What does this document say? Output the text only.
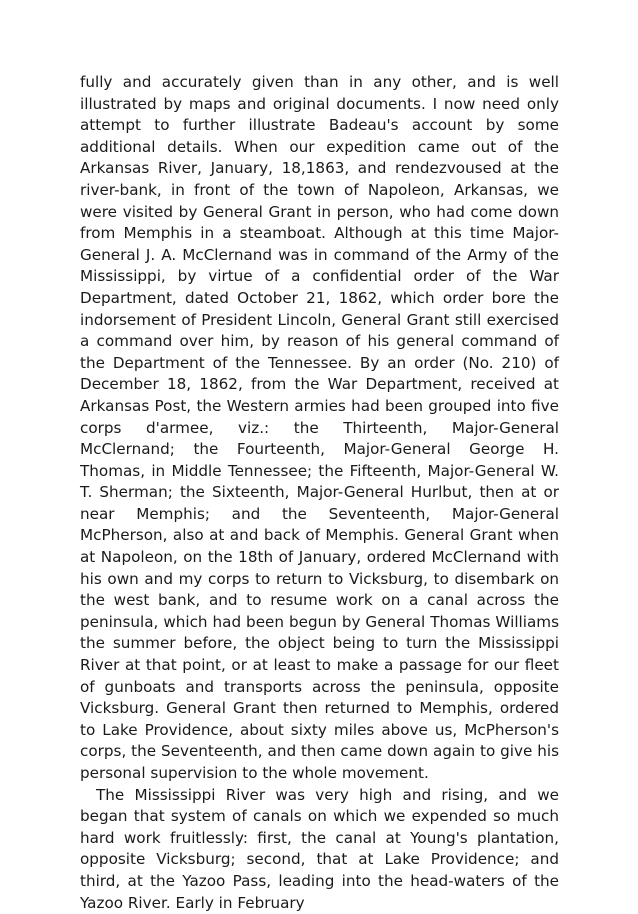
fully and accurately given than in any other, and is well illustrated by maps and original documents. I now need only attempt to further illustrate Badeau's account by some additional details. When our expedition came out of the Arkansas River, January, 18,1863, and rendezvoused at the river-bank, in front of the town of Napoleon, Arkansas, we were visited by General Grant in person, who had come down from Memphis in a steamboat. Although at this time Major-General J. A. McClernand was in command of the Army of the Mississippi, by virtue of a confidential order of the War Department, dated October 21, 1862, which order bore the indorsement of President Lincoln, General Grant still exercised a command over him, by reason of his general command of the Department of the Tennessee. By an order (No. 210) of December 18, 1862, from the War Department, received at Arkansas Post, the Western armies had been grouped into five corps d'armee, viz.: the Thirteenth, Major-General McClernand; the Fourteenth, Major-General George H. Thomas, in Middle Tennessee; the Fifteenth, Major-General W. T. Sherman; the Sixteenth, Major-General Hurlbut, then at or near Memphis; and the Seventeenth, Major-General McPherson, also at and back of Memphis. General Grant when at Napoleon, on the 18th of January, ordered McClernand with his own and my corps to return to Vicksburg, to disembark on the west bank, and to resume work on a canal across the peninsula, which had been begun by General Thomas Williams the summer before, the object being to turn the Mississippi River at that point, or at least to make a passage for our fleet of gunboats and transports across the peninsula, opposite Vicksburg. General Grant then returned to Memphis, ordered to Lake Providence, about sixty miles above us, McPherson's corps, the Seventeenth, and then came down again to give his personal supervision to the whole movement.

The Mississippi River was very high and rising, and we began that system of canals on which we expended so much hard work fruitlessly: first, the canal at Young's plantation, opposite Vicksburg; second, that at Lake Providence; and third, at the Yazoo Pass, leading into the head-waters of the Yazoo River. Early in February
